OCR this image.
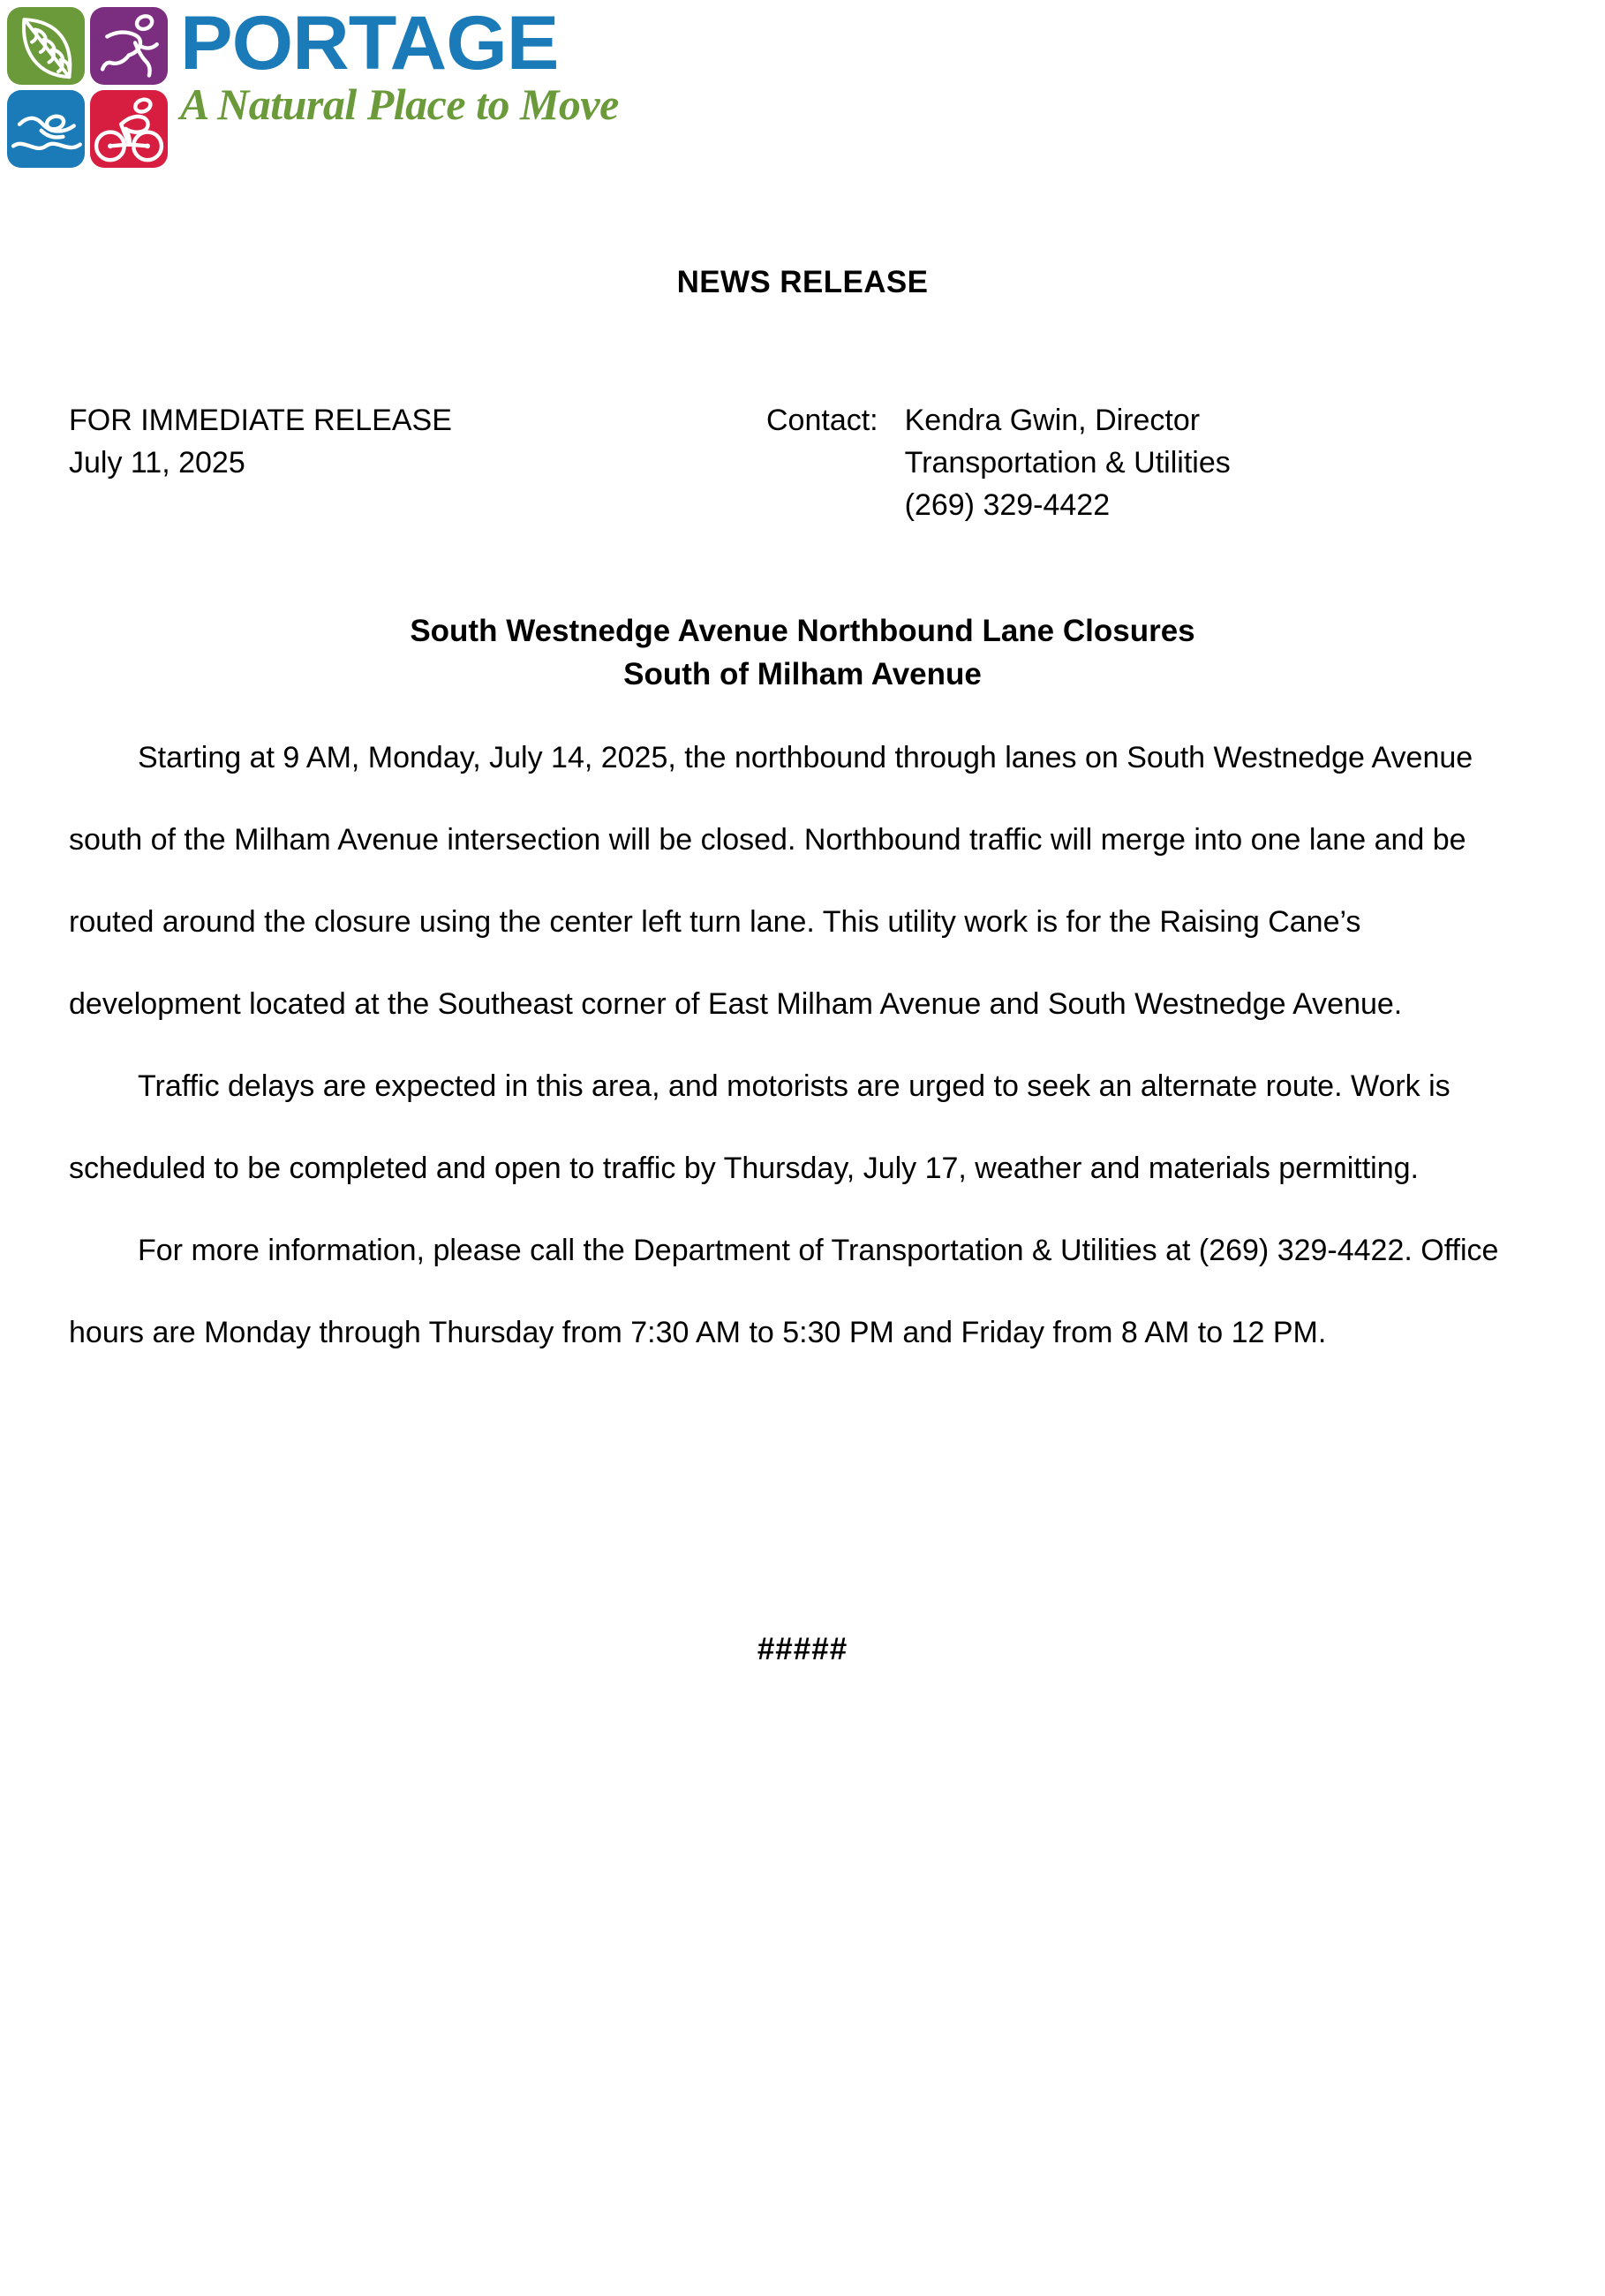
PORTAGE
A Natural Place to Move
NEWS RELEASE
FOR IMMEDIATE RELEASE
July 11, 2025
Contact: Kendra Gwin, Director
Transportation & Utilities
(269) 329-4422
South Westnedge Avenue Northbound Lane Closures
South of Milham Avenue

Starting at 9 AM, Monday, July 14, 2025, the northbound through lanes on South Westnedge Avenue south of the Milham Avenue intersection will be closed. Northbound traffic will merge into one lane and be routed around the closure using the center left turn lane. This utility work is for the Raising Cane’s development located at the Southeast corner of East Milham Avenue and South Westnedge Avenue.

Traffic delays are expected in this area, and motorists are urged to seek an alternate route. Work is scheduled to be completed and open to traffic by Thursday, July 17, weather and materials permitting.

For more information, please call the Department of Transportation & Utilities at (269) 329-4422. Office hours are Monday through Thursday from 7:30 AM to 5:30 PM and Friday from 8 AM to 12 PM.

#####
